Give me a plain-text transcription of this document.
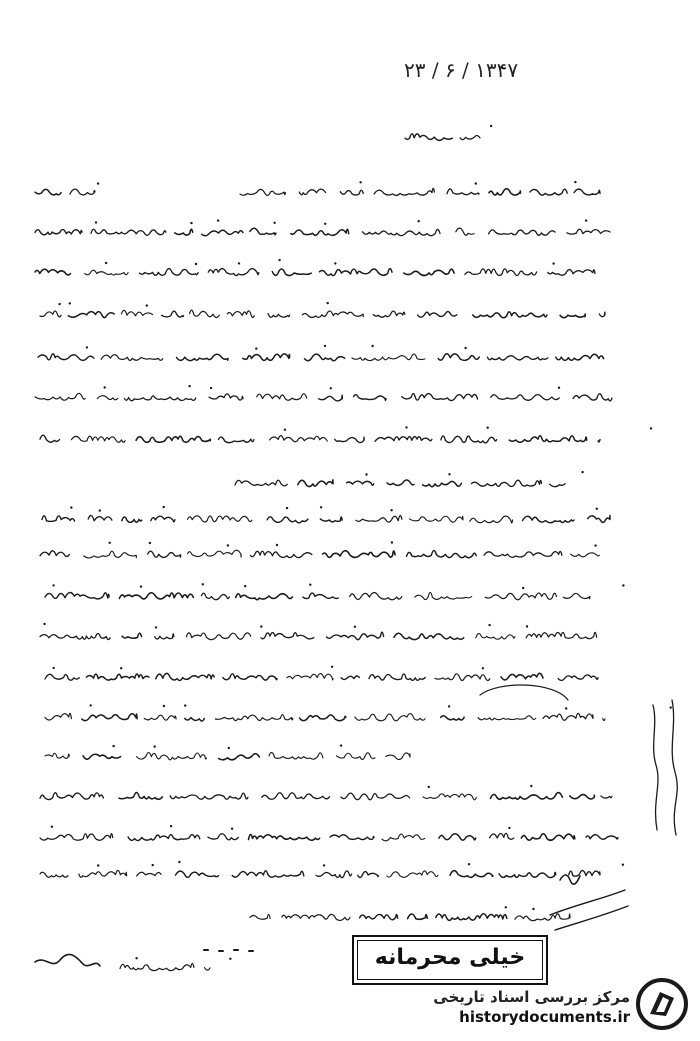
۱۳۴۷ / ۶ / ۲۳
خیلی محرمانه
مرکز بررسی اسناد تاریخی
historydocuments.ir
